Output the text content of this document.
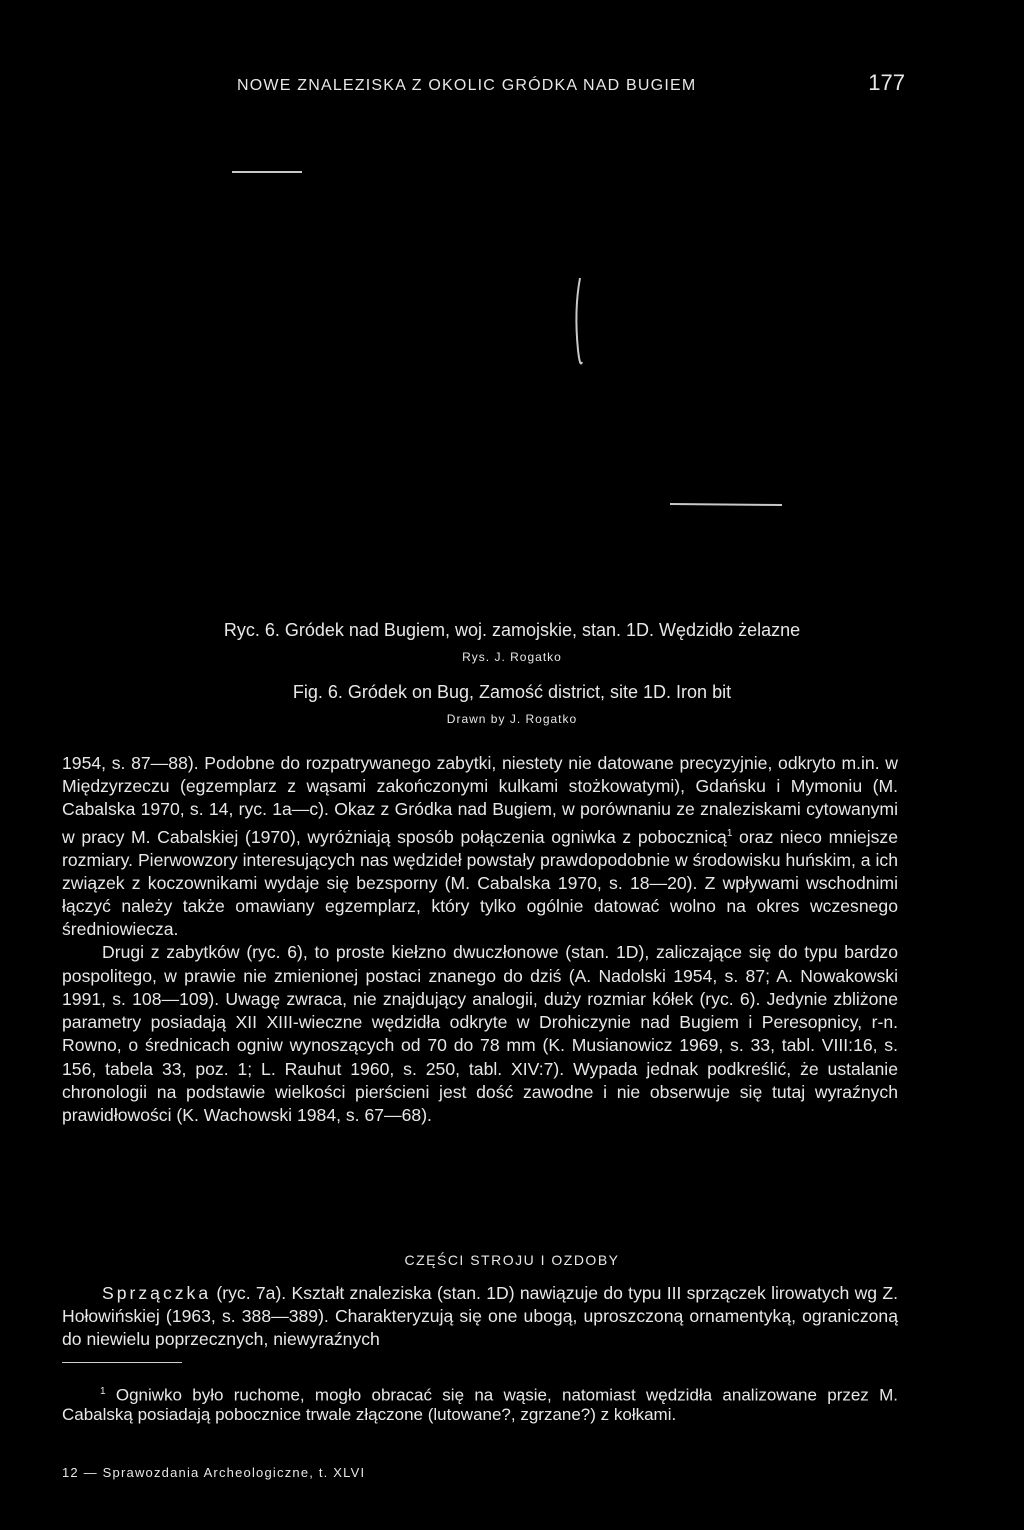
NOWE ZNALEZISKA Z OKOLIC GRÓDKA NAD BUGIEM	177
Ryc. 6. Gródek nad Bugiem, woj. zamojskie, stan. 1D. Wędzidło żelazne
Rys. J. Rogatko
Fig. 6. Gródek on Bug, Zamość district, site 1D. Iron bit
Drawn by J. Rogatko

1954, s. 87—88). Podobne do rozpatrywanego zabytki, niestety nie datowane precyzyjnie, odkryto m.in. w Międzyrzeczu (egzemplarz z wąsami zakończonymi kulkami stożkowatymi), Gdańsku i Mymoniu (M. Cabalska 1970, s. 14, ryc. 1a—c). Okaz z Gródka nad Bugiem, w porównaniu ze znaleziskami cytowanymi w pracy M. Cabalskiej (1970), wyróżniają sposób połączenia ogniwka z pobocznicą$^1$ oraz nieco mniejsze rozmiary. Pierwowzory interesujących nas wędzideł powstały prawdopodobnie w środowisku huńskim, a ich związek z koczownikami wydaje się bezsporny (M. Cabalska 1970, s. 18—20). Z wpływami wschodnimi łączyć należy także omawiany egzemplarz, który tylko ogólnie datować wolno na okres wczesnego średniowiecza.

Drugi z zabytków (ryc. 6), to proste kiełzno dwuczłonowe (stan. 1D), zaliczające się do typu bardzo pospolitego, w prawie nie zmienionej postaci znanego do dziś (A. Nadolski 1954, s. 87; A. Nowakowski 1991, s. 108—109). Uwagę zwraca, nie znajdujący analogii, duży rozmiar kółek (ryc. 6). Jedynie zbliżone parametry posiadają XII XIII-wieczne wędzidła odkryte w Drohiczynie nad Bugiem i Peresopnicy, r-n. Rowno, o średnicach ogniw wynoszących od 70 do 78 mm (K. Musianowicz 1969, s. 33, tabl. VIII:16, s. 156, tabela 33, poz. 1; L. Rauhut 1960, s. 250, tabl. XIV:7). Wypada jednak podkreślić, że ustalanie chronologii na podstawie wielkości pierścieni jest dość zawodne i nie obserwuje się tutaj wyraźnych prawidłowości (K. Wachowski 1984, s. 67—68).

CZĘŚCI STROJU I OZDOBY

Sprzączka (ryc. 7a). Kształt znaleziska (stan. 1D) nawiązuje do typu III sprzączek lirowatych wg Z. Hołowińskiej (1963, s. 388—389). Charakteryzują się one ubogą, uproszczoną ornamentyką, ograniczoną do niewielu poprzecznych, niewyraźnych

$^1$ Ogniwko było ruchome, mogło obracać się na wąsie, natomiast wędzidła analizowane przez M. Cabalską posiadają pobocznice trwale złączone (lutowane?, zgrzane?) z kołkami.

12 — Sprawozdania Archeologiczne, t. XLVI
